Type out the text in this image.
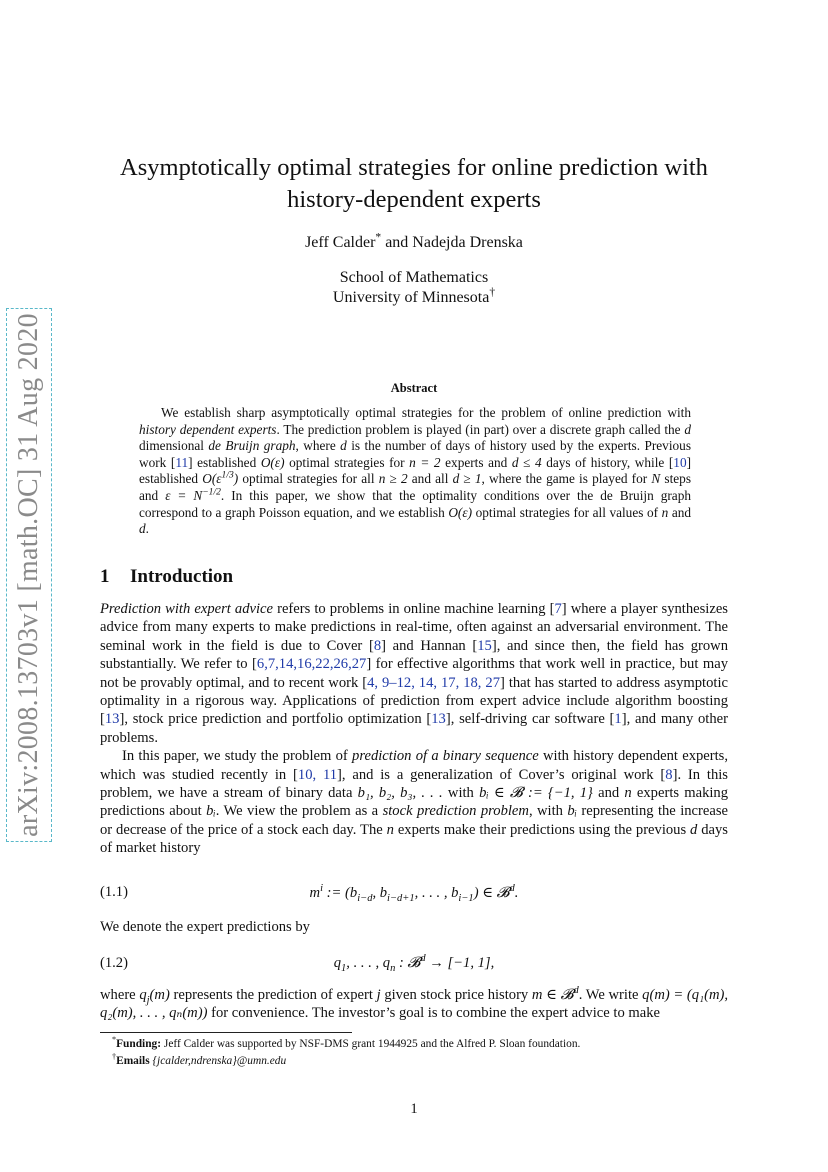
arXiv:2008.13703v1 [math.OC] 31 Aug 2020
Asymptotically optimal strategies for online prediction with
history-dependent experts
Jeff Calder* and Nadejda Drenska
School of Mathematics
University of Minnesota†
Abstract

We establish sharp asymptotically optimal strategies for the problem of online prediction with history dependent experts. The prediction problem is played (in part) over a discrete graph called the d dimensional de Bruijn graph, where d is the number of days of history used by the experts. Previous work [11] established O(ε) optimal strategies for n = 2 experts and d ≤ 4 days of history, while [10] established $O(\varepsilon^{1/3})$ optimal strategies for all n ≥ 2 and all d ≥ 1, where the game is played for N steps and $\varepsilon = N^{-1/2}$. In this paper, we show that the optimality conditions over the de Bruijn graph correspond to a graph Poisson equation, and we establish O(ε) optimal strategies for all values of n and d.

1 Introduction

Prediction with expert advice refers to problems in online machine learning [7] where a player synthesizes advice from many experts to make predictions in real-time, often against an adversarial environment. The seminal work in the field is due to Cover [8] and Hannan [15], and since then, the field has grown substantially. We refer to [6,7,14,16,22,26,27] for effective algorithms that work well in practice, but may not be provably optimal, and to recent work [4, 9–12, 14, 17, 18, 27] that has started to address asymptotic optimality in a rigorous way. Applications of prediction from expert advice include algorithm boosting [13], stock price prediction and portfolio optimization [13], self-driving car software [1], and many other problems.

In this paper, we study the problem of prediction of a binary sequence with history dependent experts, which was studied recently in [10, 11], and is a generalization of Cover’s original work [8]. In this problem, we have a stream of binary data b₁, b₂, b₃, . . . with bᵢ ∈ 𝓑 := {−1, 1} and n experts making predictions about bᵢ. We view the problem as a stock prediction problem, with bᵢ representing the increase or decrease of the price of a stock each day. The n experts make their predictions using the previous d days of market history

(1.1)	$m^i$ := ($b_{i-d}$, $b_{i-d+1}$, . . . , $b_{i-1}$) ∈ 𝓑$^d$.
We denote the expert predictions by
(1.2)	$q_1$, . . . , $q_n$ : 𝓑$^d$ → [−1, 1],

where $q_j(m)$ represents the prediction of expert j given stock price history m ∈ 𝓑$^d$. We write q(m) = (q₁(m), q₂(m), . . . , qₙ(m)) for convenience. The investor’s goal is to combine the expert advice to make

*Funding: Jeff Calder was supported by NSF-DMS grant 1944925 and the Alfred P. Sloan foundation.
†Emails {jcalder,ndrenska}@umn.edu
1
